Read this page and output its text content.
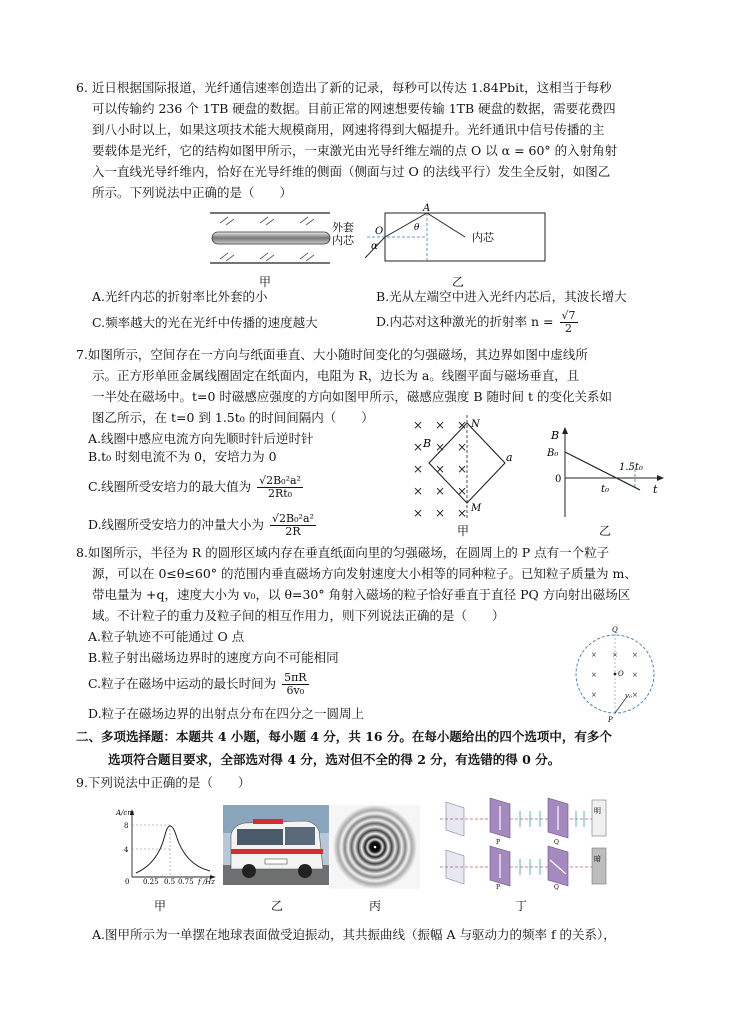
6. 近日根据国际报道，光纤通信速率创造出了新的记录，每秒可以传达 1.84Pbit，这相当于每秒
可以传输约 236 个 1TB 硬盘的数据。目前正常的网速想要传输 1TB 硬盘的数据，需要花费四
到八小时以上，如果这项技术能大规模商用，网速将得到大幅提升。光纤通讯中信号传播的主
要载体是光纤，它的结构如图甲所示，一束激光由光导纤维左端的点 O 以 α = 60° 的入射角射
入一直线光导纤维内，恰好在光导纤维的侧面（侧面与过 O 的法线平行）发生全反射，如图乙
所示。下列说法中正确的是（　　）
外套
内芯
甲
O
A
α
θ
内芯
乙
A.光纤内芯的折射率比外套的小	B.光从左端空中进入光纤内芯后，其波长增大
C.频率越大的光在光纤中传播的速度越大	D.内芯对这种激光的折射率 $n = \frac{√7}{2}$
7.如图所示，空间存在一方向与纸面垂直、大小随时间变化的匀强磁场，其边界如图中虚线所
示。正方形单匝金属线圈固定在纸面内，电阻为 R，边长为 a。线圈平面与磁场垂直，且
一半处在磁场中。t=0 时磁感应强度的方向如图甲所示，磁感应强度 B 随时间 t 的变化关系如
图乙所示，在 t=0 到 1.5t₀ 的时间间隔内（　　）
A.线圈中感应电流方向先顺时针后逆时针
B.t₀ 时刻电流不为 0，安培力为 0
C.线圈所受安培力的最大值为 $\frac{\text{√2B₀²a²}}{\text{2Rt₀}}$
D.线圈所受安培力的冲量大小为 $\frac{\text{√2B₀²a²}}{2R}$
× × ×
× × ×
× × ×
× × ×
× × ×
B
N
M
a
甲
B
B₀
0
t₀
1.5t₀
t
乙
8.如图所示，半径为 R 的圆形区域内存在垂直纸面向里的匀强磁场，在圆周上的 P 点有一个粒子
源，可以在 0≤θ≤60° 的范围内垂直磁场方向发射速度大小相等的同种粒子。已知粒子质量为 m、
带电量为 +q，速度大小为 v₀，以 θ=30° 角射入磁场的粒子恰好垂直于直径 PQ 方向射出磁场区
域。不计粒子的重力及粒子间的相互作用力，则下列说法正确的是（　　）
A.粒子轨迹不可能通过 O 点
B.粒子射出磁场边界时的速度方向不可能相同
C.粒子在磁场中运动的最长时间为 $\frac{5\pi R}{\text{6v₀}}$
D.粒子在磁场边界的出射点分布在四分之一圆周上
× × ×
×	×
×	×
Q
O
P
v₀
二、多项选择题：本题共 4 小题，每小题 4 分，共 16 分。在每小题给出的四个选项中，有多个
选项符合题目要求，全部选对得 4 分，选对但不全的得 2 分，有选错的得 0 分。
9.下列说法中正确的是（　　）
A/cm
8
4
0 0.25 0.5 0.75 f /Hz
明
P	Q
暗
P	Q
甲	乙	丙	丁
A.图甲所示为一单摆在地球表面做受迫振动，其共振曲线（振幅 A 与驱动力的频率 f 的关系），
